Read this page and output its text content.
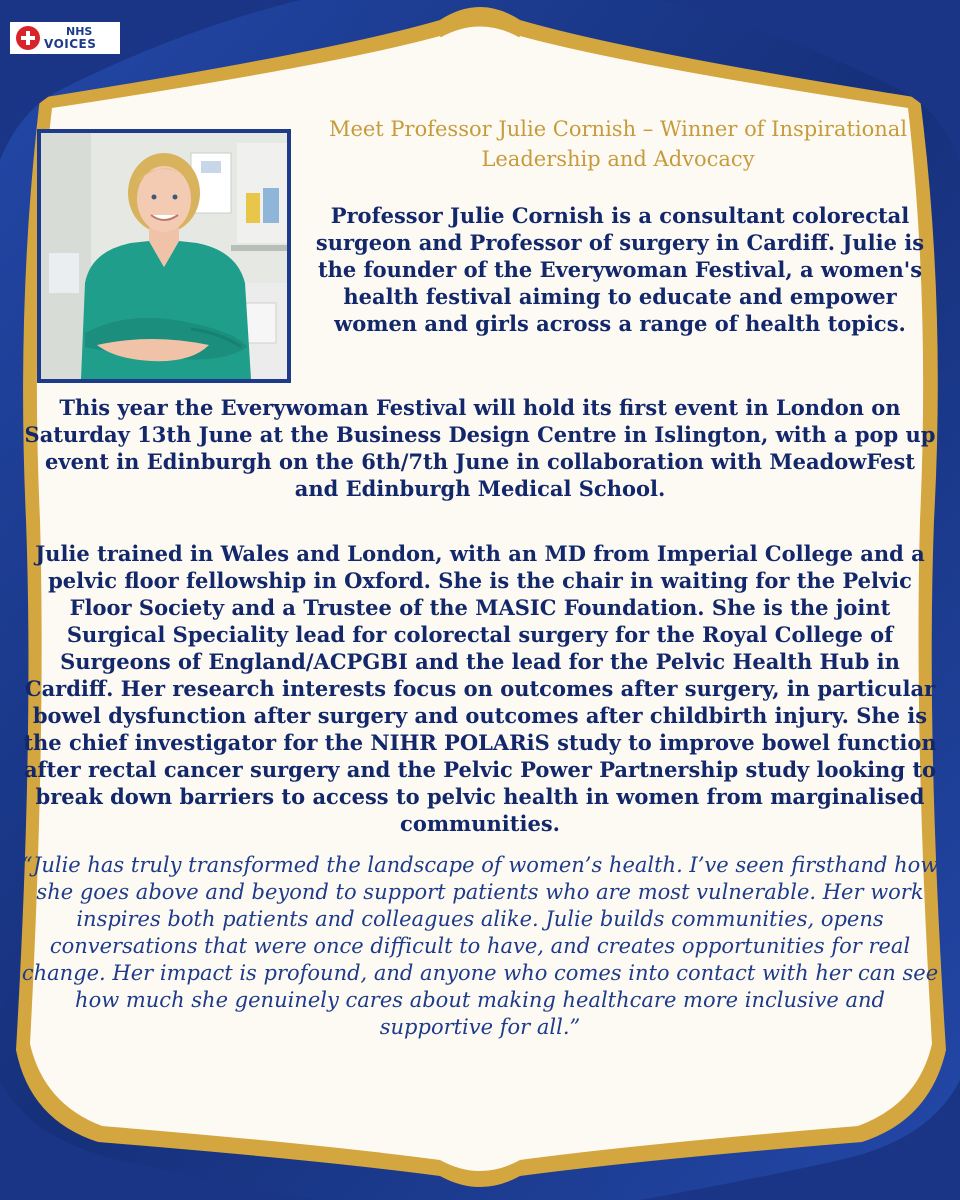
NHS
VOICES
Meet Professor Julie Cornish – Winner of Inspirational Leadership and Advocacy

Professor Julie Cornish is a consultant colorectal surgeon and Professor of surgery in Cardiff. Julie is the founder of the Everywoman Festival, a women's health festival aiming to educate and empower women and girls across a range of health topics.

This year the Everywoman Festival will hold its first event in London on Saturday 13th June at the Business Design Centre in Islington, with a pop up event in Edinburgh on the 6th/7th June in collaboration with MeadowFest and Edinburgh Medical School.

Julie trained in Wales and London, with an MD from Imperial College and a pelvic floor fellowship in Oxford. She is the chair in waiting for the Pelvic Floor Society and a Trustee of the MASIC Foundation. She is the joint Surgical Speciality lead for colorectal surgery for the Royal College of Surgeons of England/ACPGBI and the lead for the Pelvic Health Hub in Cardiff. Her research interests focus on outcomes after surgery, in particular bowel dysfunction after surgery and outcomes after childbirth injury. She is the chief investigator for the NIHR POLARiS study to improve bowel function after rectal cancer surgery and the Pelvic Power Partnership study looking to break down barriers to access to pelvic health in women from marginalised communities.

“Julie has truly transformed the landscape of women’s health. I’ve seen firsthand how she goes above and beyond to support patients who are most vulnerable. Her work inspires both patients and colleagues alike. Julie builds communities, opens conversations that were once difficult to have, and creates opportunities for real change. Her impact is profound, and anyone who comes into contact with her can see how much she genuinely cares about making healthcare more inclusive and supportive for all.”
